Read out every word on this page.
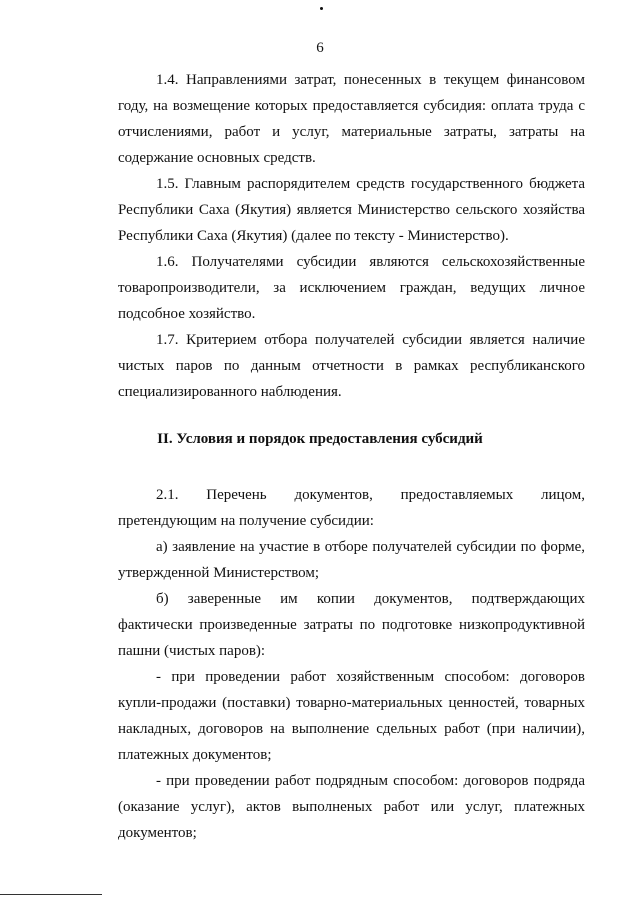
6

1.4. Направлениями затрат, понесенных в текущем финансовом году, на возмещение которых предоставляется субсидия: оплата труда с отчислениями, работ и услуг, материальные затраты, затраты на содержание основных средств.

1.5. Главным распорядителем средств государственного бюджета Республики Саха (Якутия) является Министерство сельского хозяйства Республики Саха (Якутия) (далее по тексту - Министерство).

1.6. Получателями субсидии являются сельскохозяйственные товаропроизводители, за исключением граждан, ведущих личное подсобное хозяйство.

1.7. Критерием отбора получателей субсидии является наличие чистых паров по данным отчетности в рамках республиканского специализированного наблюдения.

II. Условия и порядок предоставления субсидий

2.1. Перечень документов, предоставляемых лицом, претендующим на получение субсидии:

а) заявление на участие в отборе получателей субсидии по форме, утвержденной Министерством;

б) заверенные им копии документов, подтверждающих фактически произведенные затраты по подготовке низкопродуктивной пашни (чистых паров):

- при проведении работ хозяйственным способом: договоров купли-продажи (поставки) товарно-материальных ценностей, товарных накладных, договоров на выполнение сдельных работ (при наличии), платежных документов;

- при проведении работ подрядным способом: договоров подряда (оказание услуг), актов выполненых работ или услуг, платежных документов;
